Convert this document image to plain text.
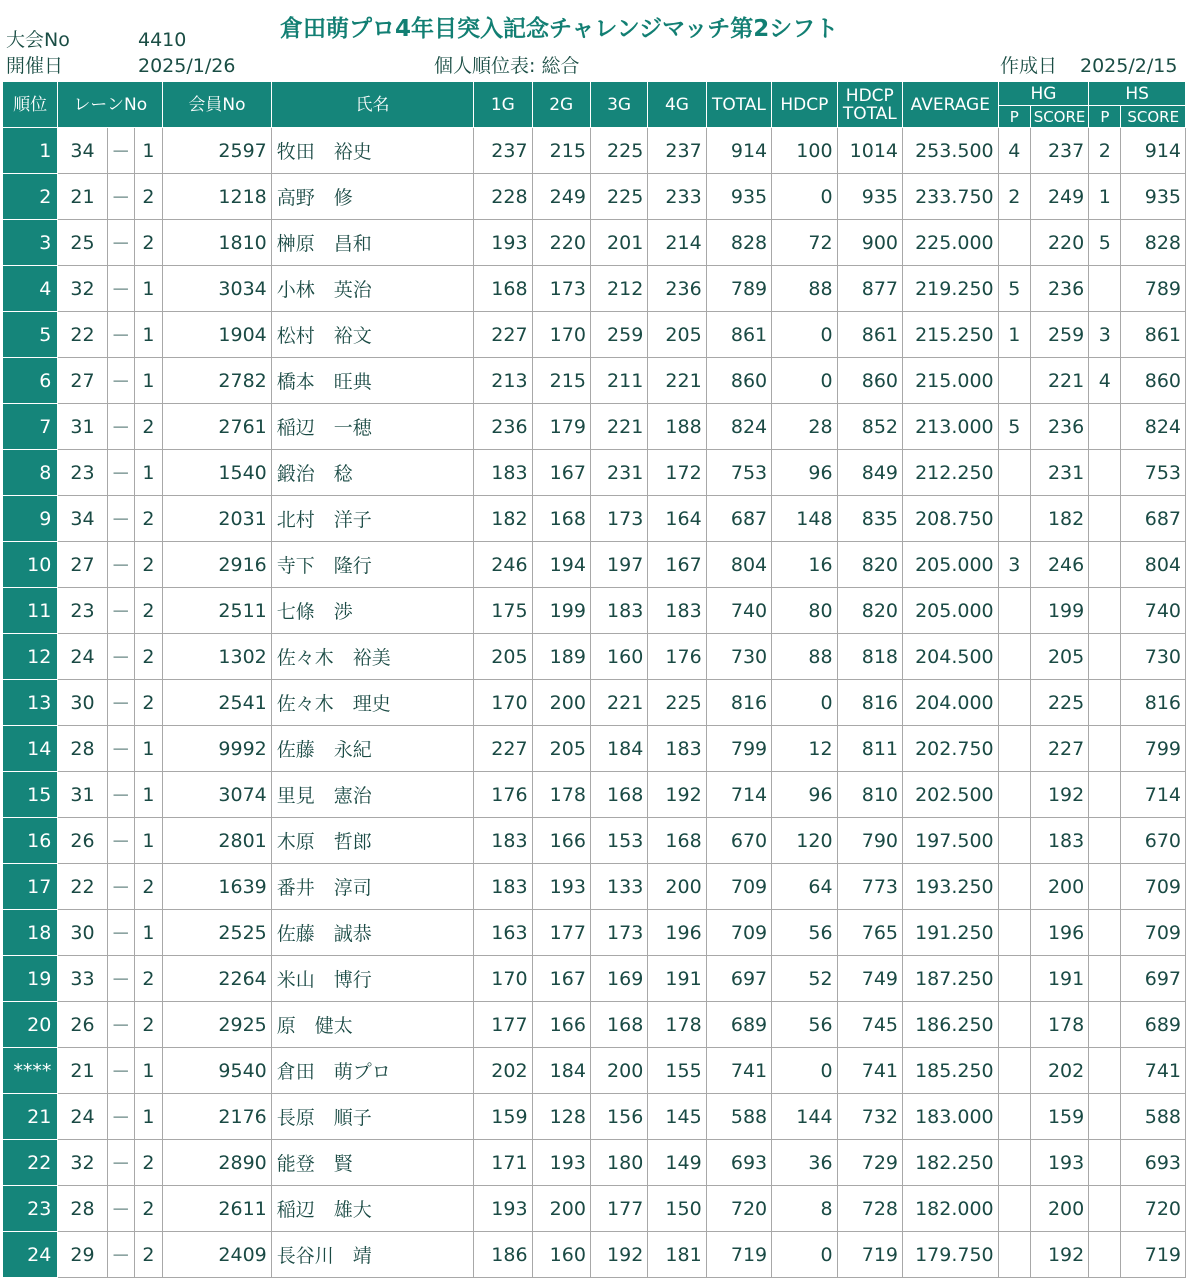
倉田萌プロ4年目突入記念チャレンジマッチ第2シフト
大会No	4410
開催日	2025/1/26	個人順位表: 総合	作成日 2025/2/15
順位	レーンNo			会員No	氏名	1G	2G	3G	4G	TOTAL	HDCP	HDCP
TOTAL	AVERAGE	HG		HS	
														P	SCORE	P	SCORE
1	34	－	1	2597	牧田　裕史	237	215	225	237	914	100	1014	253.500	4	237	2	914
2	21	－	2	1218	高野　修	228	249	225	233	935	0	935	233.750	2	249	1	935
3	25	－	2	1810	榊原　昌和	193	220	201	214	828	72	900	225.000		220	5	828
4	32	－	1	3034	小林　英治	168	173	212	236	789	88	877	219.250	5	236		789
5	22	－	1	1904	松村　裕文	227	170	259	205	861	0	861	215.250	1	259	3	861
6	27	－	1	2782	橋本　旺典	213	215	211	221	860	0	860	215.000		221	4	860
7	31	－	2	2761	稲辺　一穂	236	179	221	188	824	28	852	213.000	5	236		824
8	23	－	1	1540	鍛治　稔	183	167	231	172	753	96	849	212.250		231		753
9	34	－	2	2031	北村　洋子	182	168	173	164	687	148	835	208.750		182		687
10	27	－	2	2916	寺下　隆行	246	194	197	167	804	16	820	205.000	3	246		804
11	23	－	2	2511	七條　渉	175	199	183	183	740	80	820	205.000		199		740
12	24	－	2	1302	佐々木　裕美	205	189	160	176	730	88	818	204.500		205		730
13	30	－	2	2541	佐々木　理史	170	200	221	225	816	0	816	204.000		225		816
14	28	－	1	9992	佐藤　永紀	227	205	184	183	799	12	811	202.750		227		799
15	31	－	1	3074	里見　憲治	176	178	168	192	714	96	810	202.500		192		714
16	26	－	1	2801	木原　哲郎	183	166	153	168	670	120	790	197.500		183		670
17	22	－	2	1639	番井　淳司	183	193	133	200	709	64	773	193.250		200		709
18	30	－	1	2525	佐藤　誠恭	163	177	173	196	709	56	765	191.250		196		709
19	33	－	2	2264	米山　博行	170	167	169	191	697	52	749	187.250		191		697
20	26	－	2	2925	原　健太	177	166	168	178	689	56	745	186.250		178		689
****	21	－	1	9540	倉田　萌プロ	202	184	200	155	741	0	741	185.250		202		741
21	24	－	1	2176	長原　順子	159	128	156	145	588	144	732	183.000		159		588
22	32	－	2	2890	能登　賢	171	193	180	149	693	36	729	182.250		193		693
23	28	－	2	2611	稲辺　雄大	193	200	177	150	720	8	728	182.000		200		720
24	29	－	2	2409	長谷川　靖	186	160	192	181	719	0	719	179.750		192		719
